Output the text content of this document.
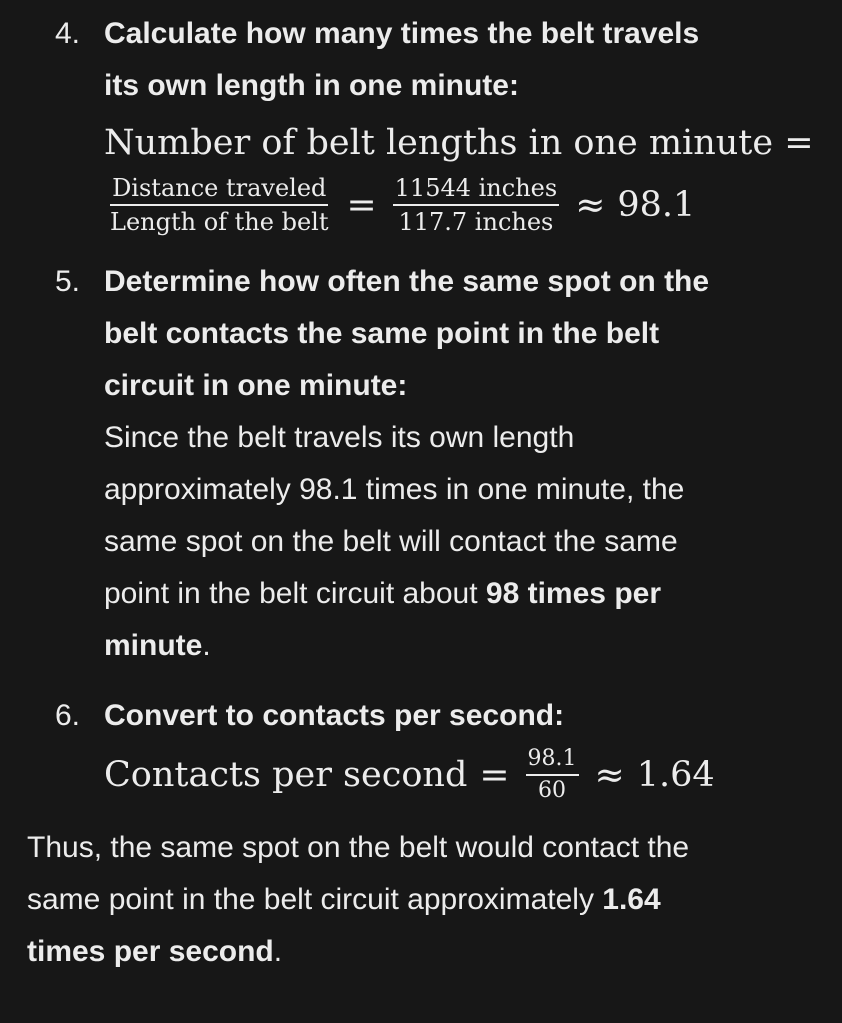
4. Calculate how many times the belt travels

its own length in one minute:

Number of belt lengths in one minute =
$\frac{\text{Distance traveled}}{\text{Length of the belt}} = \frac{\text{11544 inches}}{\text{117.7 inches}} \approx 98.1$
5. Determine how often the same spot on the

belt contacts the same point in the belt

circuit in one minute:

Since the belt travels its own length

approximately 98.1 times in one minute, the

same spot on the belt will contact the same

point in the belt circuit about 98 times per

minute.

6. Convert to contacts per second:

Contacts per second = $\frac{98.1}{60} \approx 1.64$
Thus, the same spot on the belt would contact the
same point in the belt circuit approximately 1.64
times per second.
